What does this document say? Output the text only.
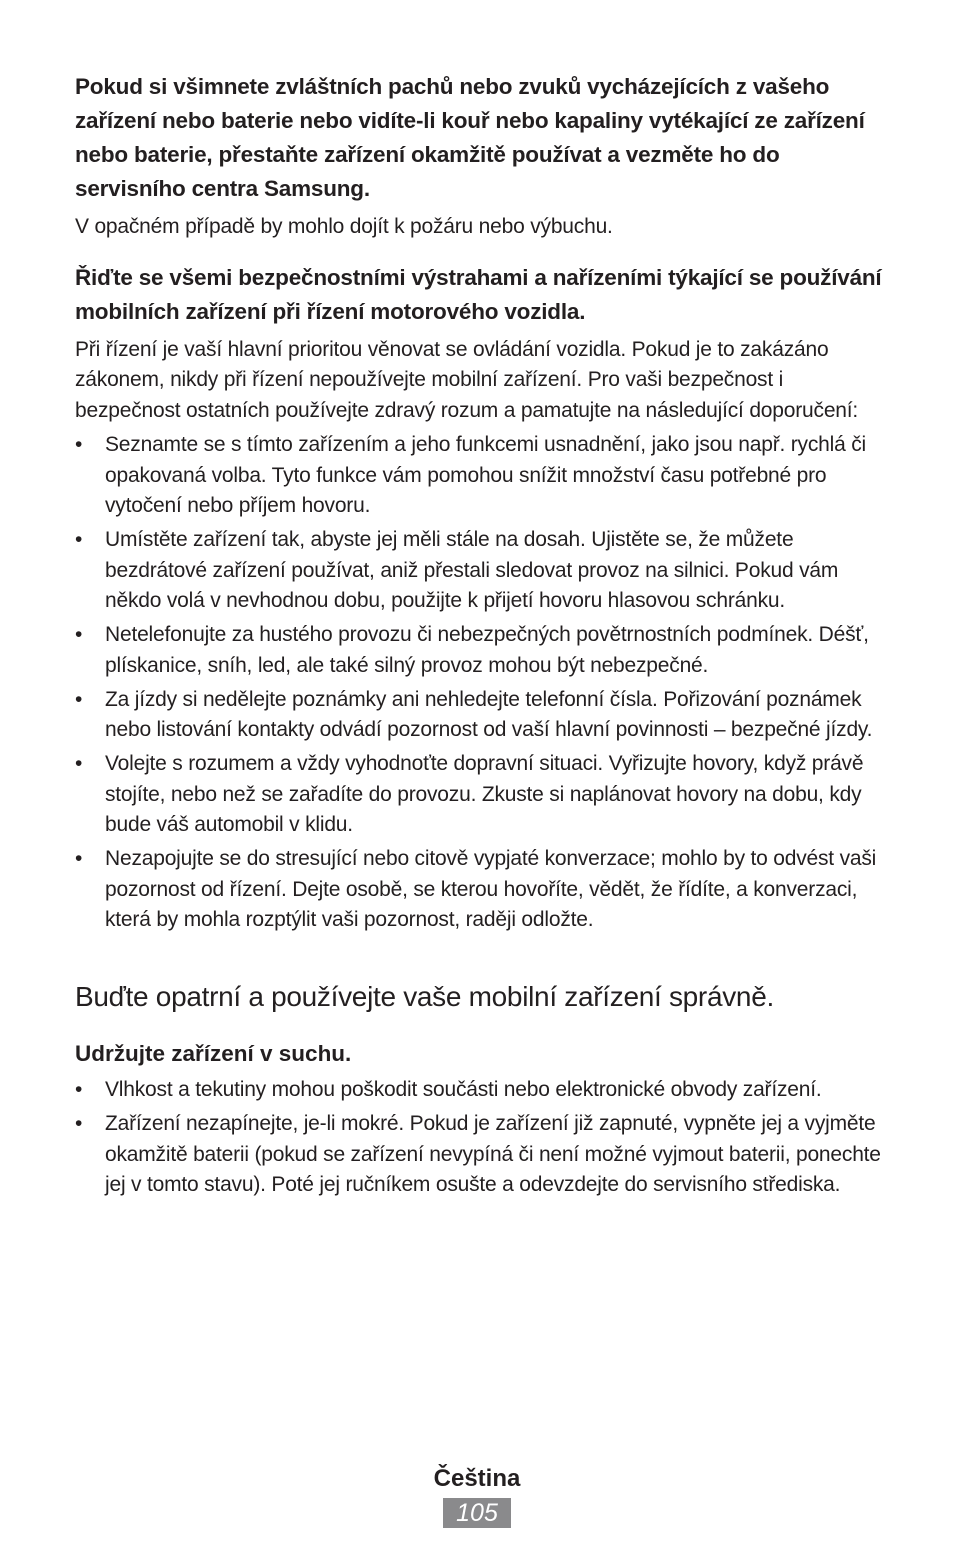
Pokud si všimnete zvláštních pachů nebo zvuků vycházejících z vašeho zařízení nebo baterie nebo vidíte-li kouř nebo kapaliny vytékající ze zařízení nebo baterie, přestaňte zařízení okamžitě používat a vezměte ho do servisního centra Samsung.

V opačném případě by mohlo dojít k požáru nebo výbuchu.

Řiďte se všemi bezpečnostními výstrahami a nařízeními týkající se používání mobilních zařízení při řízení motorového vozidla.

Při řízení je vaší hlavní prioritou věnovat se ovládání vozidla. Pokud je to zakázáno zákonem, nikdy při řízení nepoužívejte mobilní zařízení. Pro vaši bezpečnost i bezpečnost ostatních používejte zdravý rozum a pamatujte na následující doporučení:

• Seznamte se s tímto zařízením a jeho funkcemi usnadnění, jako jsou např. rychlá či opakovaná volba. Tyto funkce vám pomohou snížit množství času potřebné pro vytočení nebo příjem hovoru.
• Umístěte zařízení tak, abyste jej měli stále na dosah. Ujistěte se, že můžete bezdrátové zařízení používat, aniž přestali sledovat provoz na silnici. Pokud vám někdo volá v nevhodnou dobu, použijte k přijetí hovoru hlasovou schránku.
• Netelefonujte za hustého provozu či nebezpečných povětrnostních podmínek. Déšť, plískanice, sníh, led, ale také silný provoz mohou být nebezpečné.
• Za jízdy si nedělejte poznámky ani nehledejte telefonní čísla. Pořizování poznámek nebo listování kontakty odvádí pozornost od vaší hlavní povinnosti – bezpečné jízdy.
• Volejte s rozumem a vždy vyhodnoťte dopravní situaci. Vyřizujte hovory, když právě stojíte, nebo než se zařadíte do provozu. Zkuste si naplánovat hovory na dobu, kdy bude váš automobil v klidu.
• Nezapojujte se do stresující nebo citově vypjaté konverzace; mohlo by to odvést vaši pozornost od řízení. Dejte osobě, se kterou hovoříte, vědět, že řídíte, a konverzaci, která by mohla rozptýlit vaši pozornost, raději odložte.
Buďte opatrní a používejte vaše mobilní zařízení správně.

Udržujte zařízení v suchu.

• Vlhkost a tekutiny mohou poškodit součásti nebo elektronické obvody zařízení.
• Zařízení nezapínejte, je-li mokré. Pokud je zařízení již zapnuté, vypněte jej a vyjměte okamžitě baterii (pokud se zařízení nevypíná či není možné vyjmout baterii, ponechte jej v tomto stavu). Poté jej ručníkem osušte a odevzdejte do servisního střediska.
Čeština
105
